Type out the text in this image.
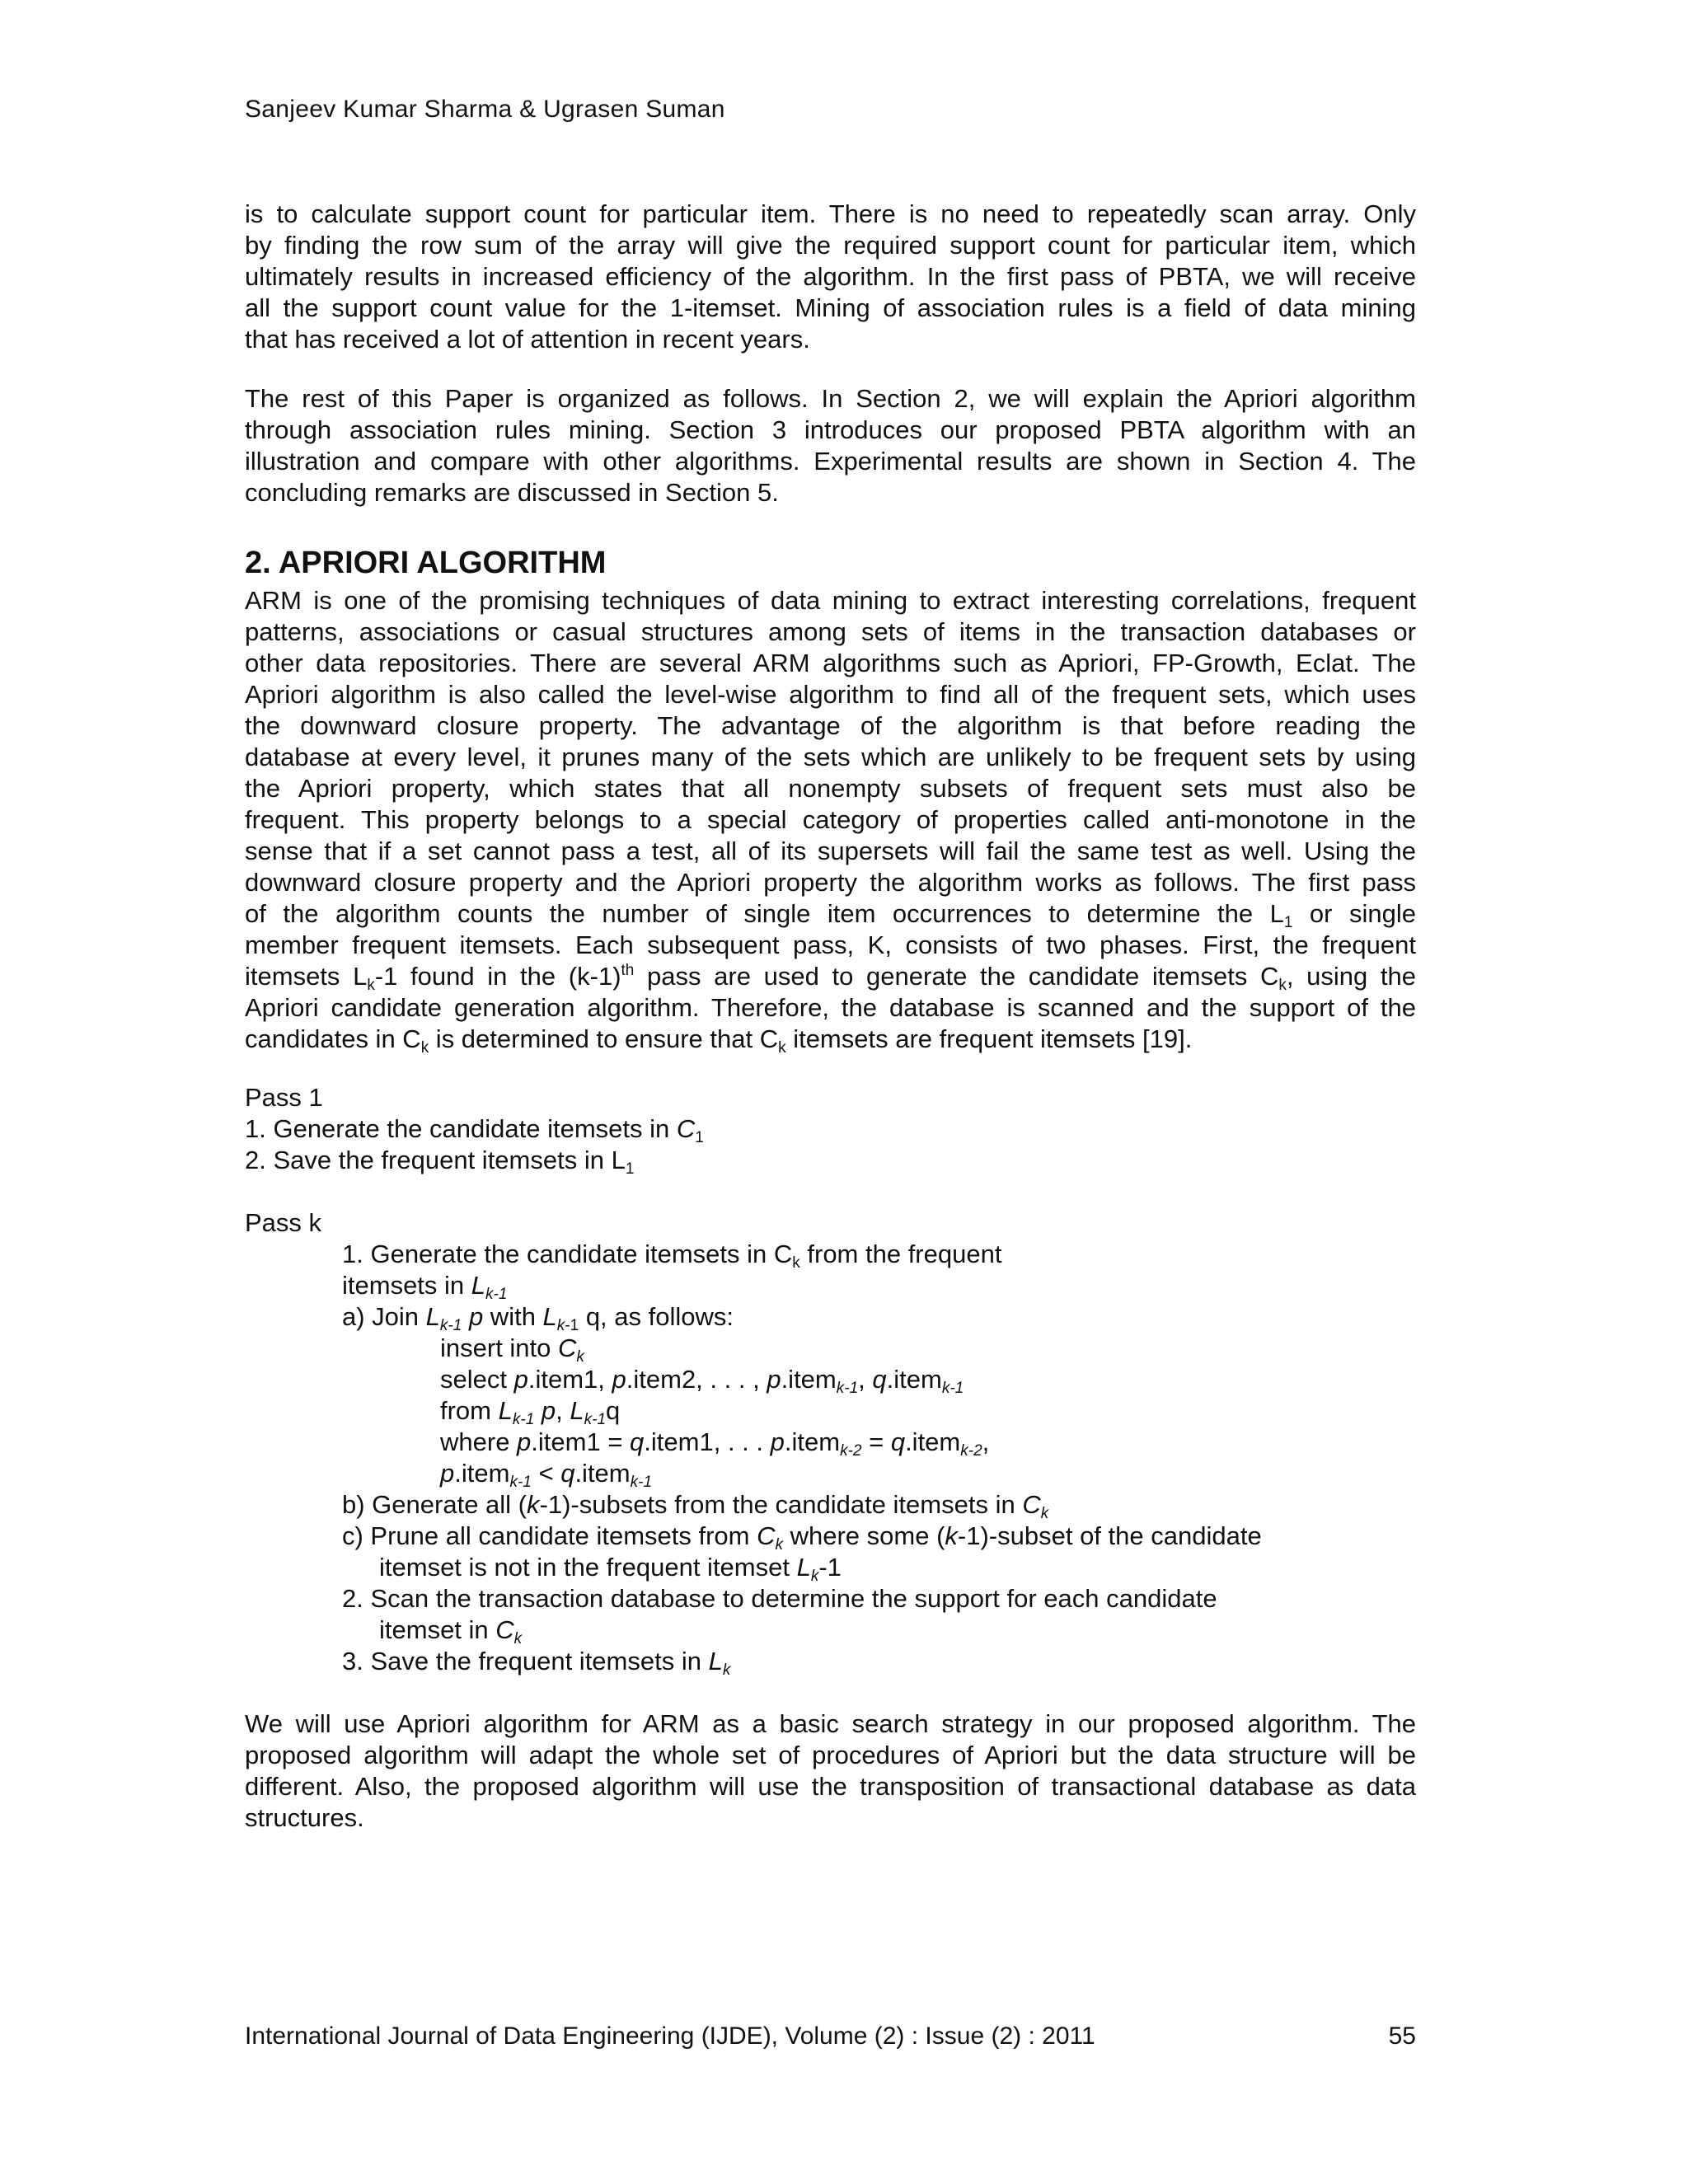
Sanjeev Kumar Sharma & Ugrasen Suman
is to calculate support count for particular item. There is no need to repeatedly scan array. Only
by finding the row sum of the array will give the required support count for particular item, which
ultimately results in increased efficiency of the algorithm. In the first pass of PBTA, we will receive
all the support count value for the 1-itemset. Mining of association rules is a field of data mining
that has received a lot of attention in recent years.
The rest of this Paper is organized as follows. In Section 2, we will explain the Apriori algorithm
through association rules mining. Section 3 introduces our proposed PBTA algorithm with an
illustration and compare with other algorithms. Experimental results are shown in Section 4. The
concluding remarks are discussed in Section 5.
2. APRIORI ALGORITHM
ARM is one of the promising techniques of data mining to extract interesting correlations, frequent
patterns, associations or casual structures among sets of items in the transaction databases or
other data repositories. There are several ARM algorithms such as Apriori, FP-Growth, Eclat. The
Apriori algorithm is also called the level-wise algorithm to find all of the frequent sets, which uses
the downward closure property. The advantage of the algorithm is that before reading the
database at every level, it prunes many of the sets which are unlikely to be frequent sets by using
the Apriori property, which states that all nonempty subsets of frequent sets must also be
frequent. This property belongs to a special category of properties called anti-monotone in the
sense that if a set cannot pass a test, all of its supersets will fail the same test as well. Using the
downward closure property and the Apriori property the algorithm works as follows. The first pass
of the algorithm counts the number of single item occurrences to determine the $L_1$ or single
member frequent itemsets. Each subsequent pass, K, consists of two phases. First, the frequent
itemsets $L_k-1$ found in the $(k-1)^{th}$ pass are used to generate the candidate itemsets $C_k$, using the
Apriori candidate generation algorithm. Therefore, the database is scanned and the support of the
candidates in $C_k$ is determined to ensure that $C_k$ itemsets are frequent itemsets [19].
Pass 1
1. Generate the candidate itemsets in $C_1$
2. Save the frequent itemsets in $L_1$
Pass k
1. Generate the candidate itemsets in $C_k$ from the frequent
itemsets in $L_{k-1}$
a) Join $L_{k-1}$ p with $L_{k-1}$ q, as follows:
insert into $C_k$
select p.item1, p.item2, . . . , p.item$_{k-1}$, q.item$_{k-1}$
from $L_{k-1}$ p, $L_{k-1}q$
where p.item1 = q.item1, . . . p.item$_{k-2}$ = q.item$_{k-2}$,
p.item$_{k-1}$ < q.item$_{k-1}$
b) Generate all (k-1)-subsets from the candidate itemsets in $C_k$
c) Prune all candidate itemsets from $C_k$ where some (k-1)-subset of the candidate
itemset is not in the frequent itemset $L_k-1$
2. Scan the transaction database to determine the support for each candidate
itemset in $C_k$
3. Save the frequent itemsets in $L_k$
We will use Apriori algorithm for ARM as a basic search strategy in our proposed algorithm. The
proposed algorithm will adapt the whole set of procedures of Apriori but the data structure will be
different. Also, the proposed algorithm will use the transposition of transactional database as data
structures.
International Journal of Data Engineering (IJDE), Volume (2) : Issue (2) : 2011	55
